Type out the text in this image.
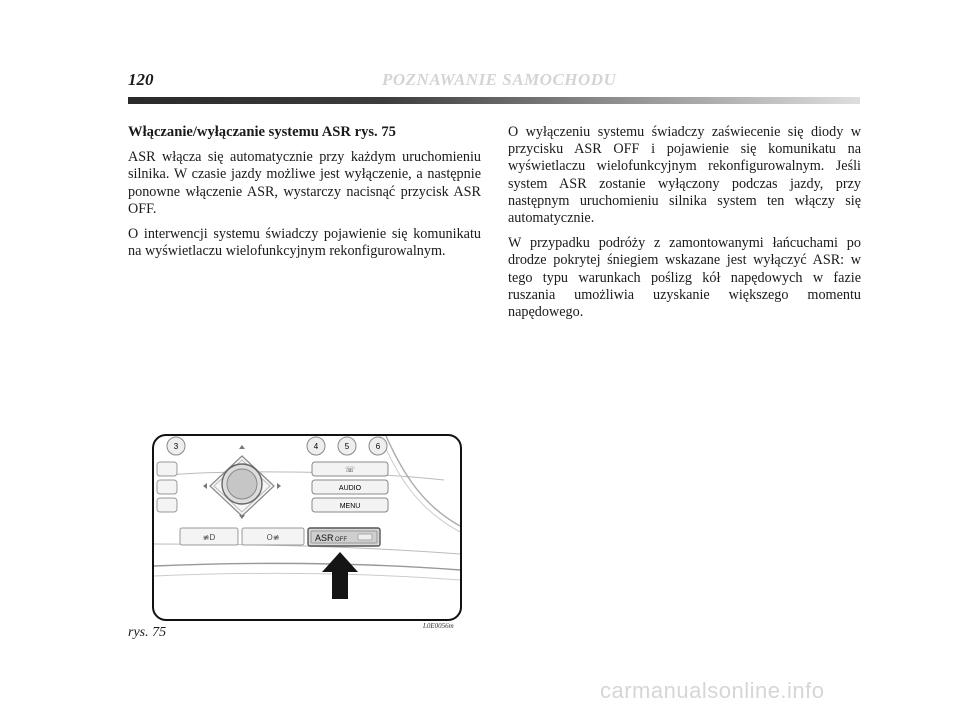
120	POZNAWANIE SAMOCHODU

Włączanie/wyłączanie systemu ASR rys. 75

ASR włącza się automatycznie przy każdym uruchomieniu silnika. W czasie jazdy możliwe jest wyłączenie, a następnie ponowne włączenie ASR, wystarczy nacisnąć przycisk ASR OFF.

O interwencji systemu świadczy pojawienie się komunikatu na wyświetlaczu wielofunkcyjnym rekonfigurowalnym.

O wyłączeniu systemu świadczy zaświecenie się diody w przycisku ASR OFF i pojawienie się komunikatu na wyświetlaczu wielofunkcyjnym rekonfigurowalnym. Jeśli system ASR zostanie wyłączony podczas jazdy, przy następnym uruchomieniu silnika system ten włączy się automatycznie.

W przypadku podróży z zamontowanymi łańcuchami po drodze pokrytej śniegiem wskazane jest wyłączyć ASR: w tego typu warunkach poślizg kół napędowych w fazie ruszania umożliwia uzyskanie większego momentu napędowego.

3	4	5	6
☏
AUDIO
MENU
≢D	O≢	ASR OFF
rys. 75	L0E0056m
carmanualsonline.info
